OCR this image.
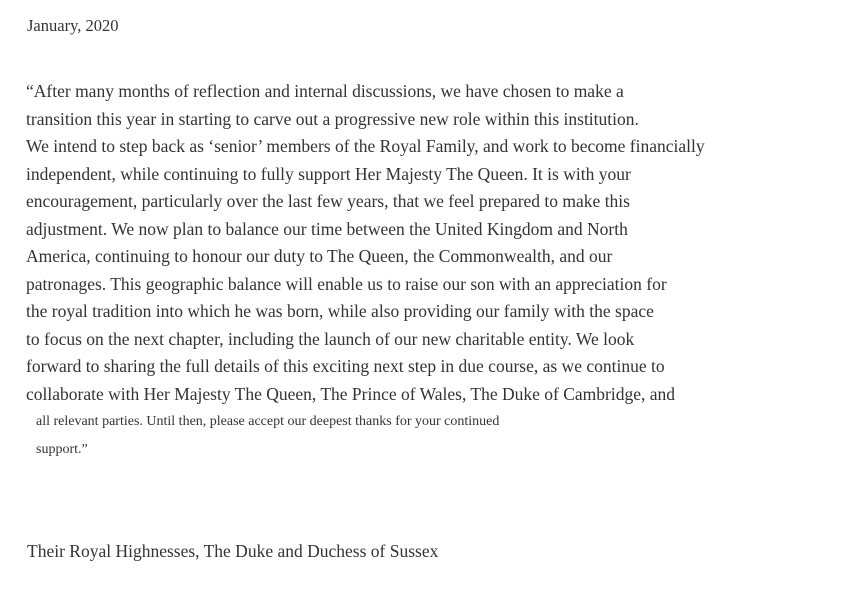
January, 2020

“After many months of reflection and internal discussions, we have chosen to make a
transition this year in starting to carve out a progressive new role within this institution.
We intend to step back as ‘senior’ members of the Royal Family, and work to become financially
independent, while continuing to fully support Her Majesty The Queen. It is with your
encouragement, particularly over the last few years, that we feel prepared to make this
adjustment. We now plan to balance our time between the United Kingdom and North
America, continuing to honour our duty to The Queen, the Commonwealth, and our
patronages. This geographic balance will enable us to raise our son with an appreciation for
the royal tradition into which he was born, while also providing our family with the space
to focus on the next chapter, including the launch of our new charitable entity. We look
forward to sharing the full details of this exciting next step in due course, as we continue to
collaborate with Her Majesty The Queen, The Prince of Wales, The Duke of Cambridge, and
all relevant parties. Until then, please accept our deepest thanks for your continued
support.”

Their Royal Highnesses, The Duke and Duchess of Sussex
